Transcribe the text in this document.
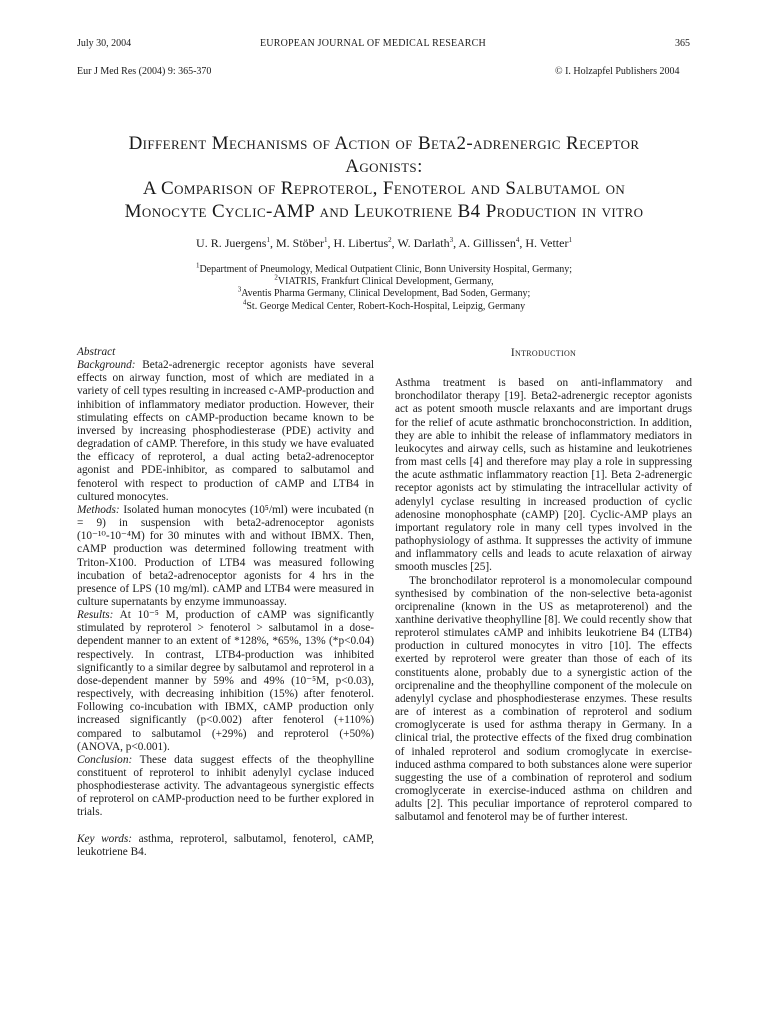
July 30, 2004	EUROPEAN JOURNAL OF MEDICAL RESEARCH	365
Eur J Med Res (2004) 9: 365-370	© I. Holzapfel Publishers 2004
Different Mechanisms of Action of Beta2-adrenergic Receptor
Agonists:
A Comparison of Reproterol, Fenoterol and Salbutamol on
Monocyte Cyclic-AMP and Leukotriene B4 Production in vitro
U. R. Juergens$^1$, M. Stöber$^1$, H. Libertus$^2$, W. Darlath$^3$, A. Gillissen$^4$, H. Vetter$^1$
$^1$Department of Pneumology, Medical Outpatient Clinic, Bonn University Hospital, Germany;
$^2$VIATRIS, Frankfurt Clinical Development, Germany,
$^3$Aventis Pharma Germany, Clinical Development, Bad Soden, Germany;
$^4$St. George Medical Center, Robert-Koch-Hospital, Leipzig, Germany

Abstract

Background: Beta2-adrenergic receptor agonists have several effects on airway function, most of which are mediated in a variety of cell types resulting in increased c-AMP-production and inhibition of inflammatory mediator production. However, their stimulating effects on cAMP-production became known to be inversed by increasing phosphodiesterase (PDE) activity and degradation of cAMP. Therefore, in this study we have evaluated the efficacy of reproterol, a dual acting beta2-adrenoceptor agonist and PDE-inhibitor, as compared to salbutamol and fenoterol with respect to production of cAMP and LTB4 in cultured monocytes.

Methods: Isolated human monocytes (10⁵/ml) were incubated (n = 9) in suspension with beta2-adrenoceptor agonists (10⁻¹⁰-10⁻⁴M) for 30 minutes with and without IBMX. Then, cAMP production was determined following treatment with Triton-X100. Production of LTB4 was measured following incubation of beta2-adrenoceptor agonists for 4 hrs in the presence of LPS (10 mg/ml). cAMP and LTB4 were measured in culture supernatants by enzyme immunoassay.

Results: At 10⁻⁵ M, production of cAMP was significantly stimulated by reproterol > fenoterol > salbutamol in a dose-dependent manner to an extent of *128%, *65%, 13% (*p<0.04) respectively. In contrast, LTB4-production was inhibited significantly to a similar degree by salbutamol and reproterol in a dose-dependent manner by 59% and 49% (10⁻⁵M, p<0.03), respectively, with decreasing inhibition (15%) after fenoterol. Following co-incubation with IBMX, cAMP production only increased significantly (p<0.002) after fenoterol (+110%) compared to salbutamol (+29%) and reproterol (+50%) (ANOVA, p<0.001).

Conclusion: These data suggest effects of the theophylline constituent of reproterol to inhibit adenylyl cyclase induced phosphodiesterase activity. The advantageous synergistic effects of reproterol on cAMP-production need to be further explored in trials.

Key words: asthma, reproterol, salbutamol, fenoterol, cAMP, leukotriene B4.

Introduction

Asthma treatment is based on anti-inflammatory and bronchodilator therapy [19]. Beta2-adrenergic receptor agonists act as potent smooth muscle relaxants and are important drugs for the relief of acute asthmatic bronchoconstriction. In addition, they are able to inhibit the release of inflammatory mediators in leukocytes and airway cells, such as histamine and leukotrienes from mast cells [4] and therefore may play a role in suppressing the acute asthmatic inflammatory reaction [1]. Beta 2-adrenergic receptor agonists act by stimulating the intracellular activity of adenylyl cyclase resulting in increased production of cyclic adenosine monophosphate (cAMP) [20]. Cyclic-AMP plays an important regulatory role in many cell types involved in the pathophysiology of asthma. It suppresses the activity of immune and inflammatory cells and leads to acute relaxation of airway smooth muscles [25].

The bronchodilator reproterol is a monomolecular compound synthesised by combination of the non-selective beta-agonist orciprenaline (known in the US as metaproterenol) and the xanthine derivative theophylline [8]. We could recently show that reproterol stimulates cAMP and inhibits leukotriene B4 (LTB4) production in cultured monocytes in vitro [10]. The effects exerted by reproterol were greater than those of each of its constituents alone, probably due to a synergistic action of the orciprenaline and the theophylline component of the molecule on adenylyl cyclase and phosphodiesterase enzymes. These results are of interest as a combination of reproterol and sodium cromoglycerate is used for asthma therapy in Germany. In a clinical trial, the protective effects of the fixed drug combination of inhaled reproterol and sodium cromoglycate in exercise-induced asthma compared to both substances alone were superior suggesting the use of a combination of reproterol and sodium cromoglycerate in exercise-induced asthma on children and adults [2]. This peculiar importance of reproterol compared to salbutamol and fenoterol may be of further interest.
